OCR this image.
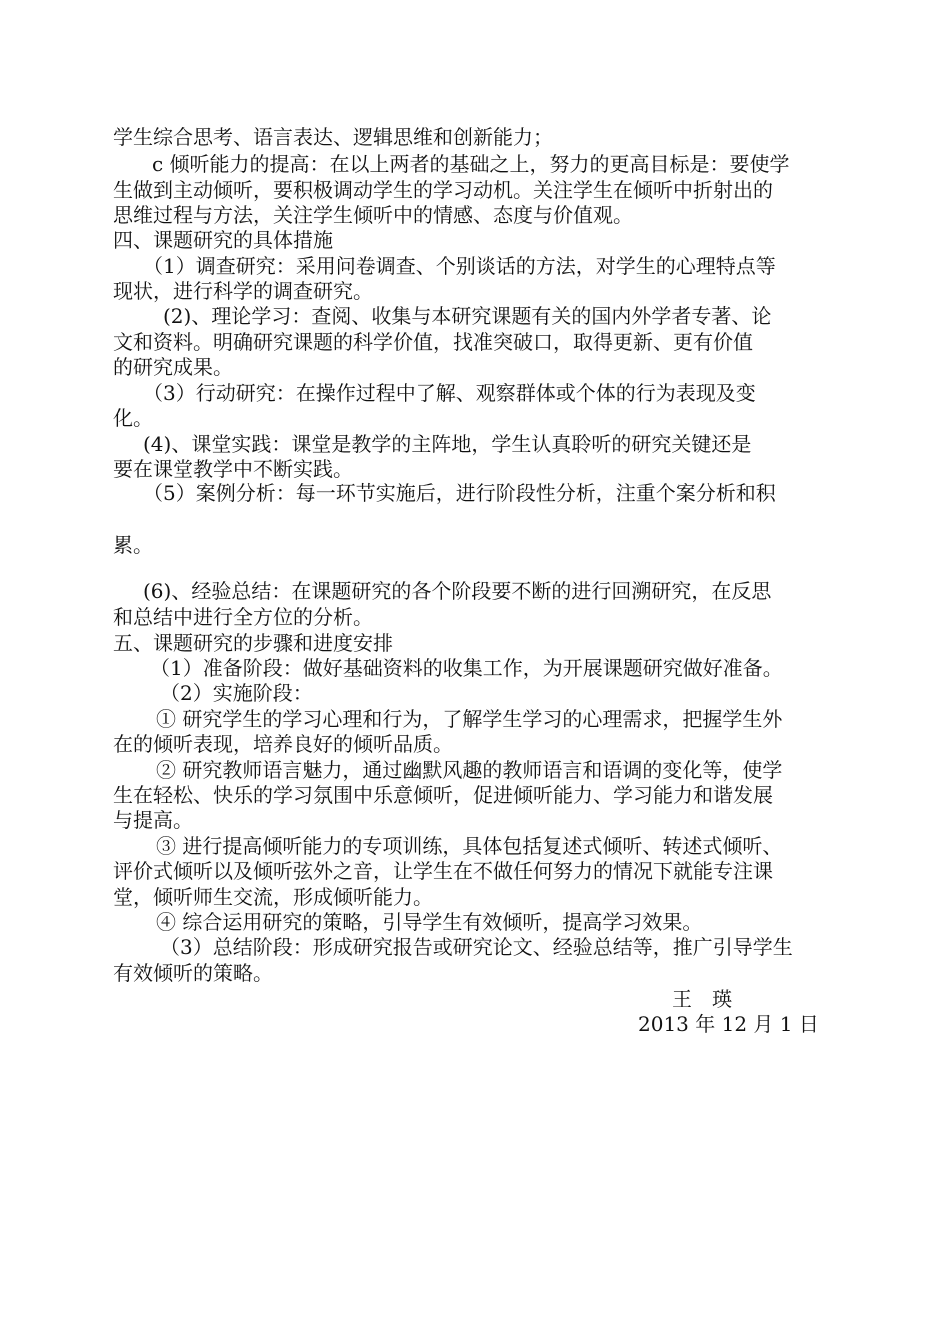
学生综合思考、语言表达、逻辑思维和创新能力；

c 倾听能力的提高：在以上两者的基础之上，努力的更高目标是：要使学

生做到主动倾听，要积极调动学生的学习动机。关注学生在倾听中折射出的

思维过程与方法，关注学生倾听中的情感、态度与价值观。

四、课题研究的具体措施

（1）调查研究：采用问卷调查、个别谈话的方法，对学生的心理特点等

现状，进行科学的调查研究。

(2)、理论学习：查阅、收集与本研究课题有关的国内外学者专著、论

文和资料。明确研究课题的科学价值，找准突破口，取得更新、更有价值

的研究成果。

（3）行动研究：在操作过程中了解、观察群体或个体的行为表现及变

化。

(4)、课堂实践：课堂是教学的主阵地，学生认真聆听的研究关键还是

要在课堂教学中不断实践。

（5）案例分析：每一环节实施后，进行阶段性分析，注重个案分析和积

累。

(6)、经验总结：在课题研究的各个阶段要不断的进行回溯研究，在反思

和总结中进行全方位的分析。

五、课题研究的步骤和进度安排

（1）准备阶段：做好基础资料的收集工作，为开展课题研究做好准备。

（2）实施阶段：

① 研究学生的学习心理和行为，了解学生学习的心理需求，把握学生外

在的倾听表现，培养良好的倾听品质。

② 研究教师语言魅力，通过幽默风趣的教师语言和语调的变化等，使学

生在轻松、快乐的学习氛围中乐意倾听，促进倾听能力、学习能力和谐发展

与提高。

③ 进行提高倾听能力的专项训练，具体包括复述式倾听、转述式倾听、

评价式倾听以及倾听弦外之音，让学生在不做任何努力的情况下就能专注课

堂，倾听师生交流，形成倾听能力。

④ 综合运用研究的策略，引导学生有效倾听，提高学习效果。

（3）总结阶段：形成研究报告或研究论文、经验总结等，推广引导学生

有效倾听的策略。

王　瑛

2013 年 12 月 1 日
